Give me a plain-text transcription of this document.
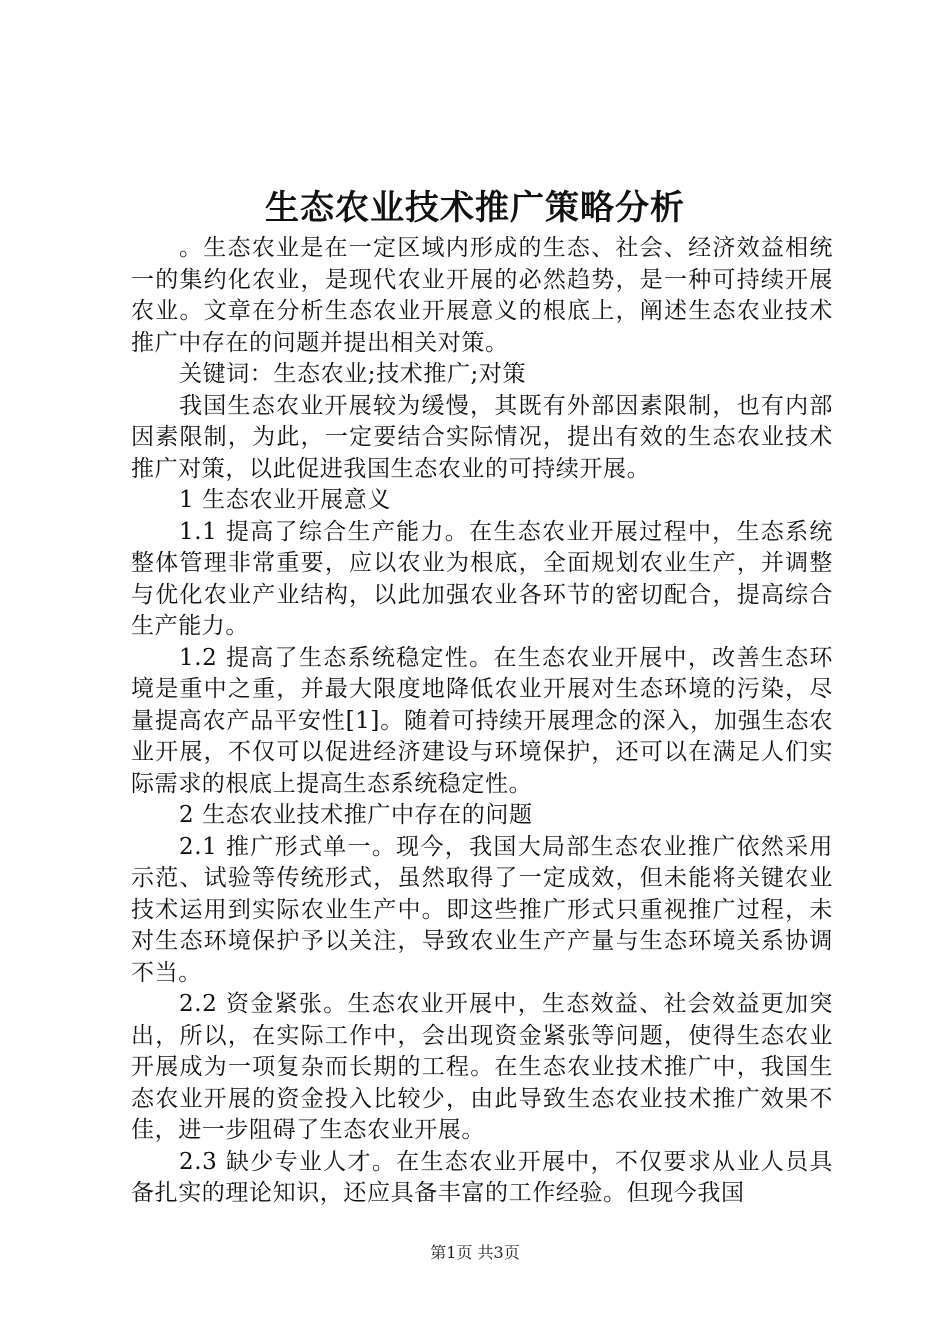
生态农业技术推广策略分析

。生态农业是在一定区域内形成的生态、社会、经济效益相统一的集约化农业，是现代农业开展的必然趋势，是一种可持续开展农业。文章在分析生态农业开展意义的根底上，阐述生态农业技术推广中存在的问题并提出相关对策。

关键词：生态农业;技术推广;对策

我国生态农业开展较为缓慢，其既有外部因素限制，也有内部因素限制，为此，一定要结合实际情况，提出有效的生态农业技术推广对策，以此促进我国生态农业的可持续开展。

1 生态农业开展意义

1.1 提高了综合生产能力。在生态农业开展过程中，生态系统整体管理非常重要，应以农业为根底，全面规划农业生产，并调整与优化农业产业结构，以此加强农业各环节的密切配合，提高综合生产能力。

1.2 提高了生态系统稳定性。在生态农业开展中，改善生态环境是重中之重，并最大限度地降低农业开展对生态环境的污染，尽量提高农产品平安性[1]。随着可持续开展理念的深入，加强生态农业开展，不仅可以促进经济建设与环境保护，还可以在满足人们实际需求的根底上提高生态系统稳定性。

2 生态农业技术推广中存在的问题

2.1 推广形式单一。现今，我国大局部生态农业推广依然采用示范、试验等传统形式，虽然取得了一定成效，但未能将关键农业技术运用到实际农业生产中。即这些推广形式只重视推广过程，未对生态环境保护予以关注，导致农业生产产量与生态环境关系协调不当。

2.2 资金紧张。生态农业开展中，生态效益、社会效益更加突出，所以，在实际工作中，会出现资金紧张等问题，使得生态农业开展成为一项复杂而长期的工程。在生态农业技术推广中，我国生态农业开展的资金投入比较少，由此导致生态农业技术推广效果不佳，进一步阻碍了生态农业开展。

2.3 缺少专业人才。在生态农业开展中，不仅要求从业人员具备扎实的理论知识，还应具备丰富的工作经验。但现今我国

第1页 共3页
